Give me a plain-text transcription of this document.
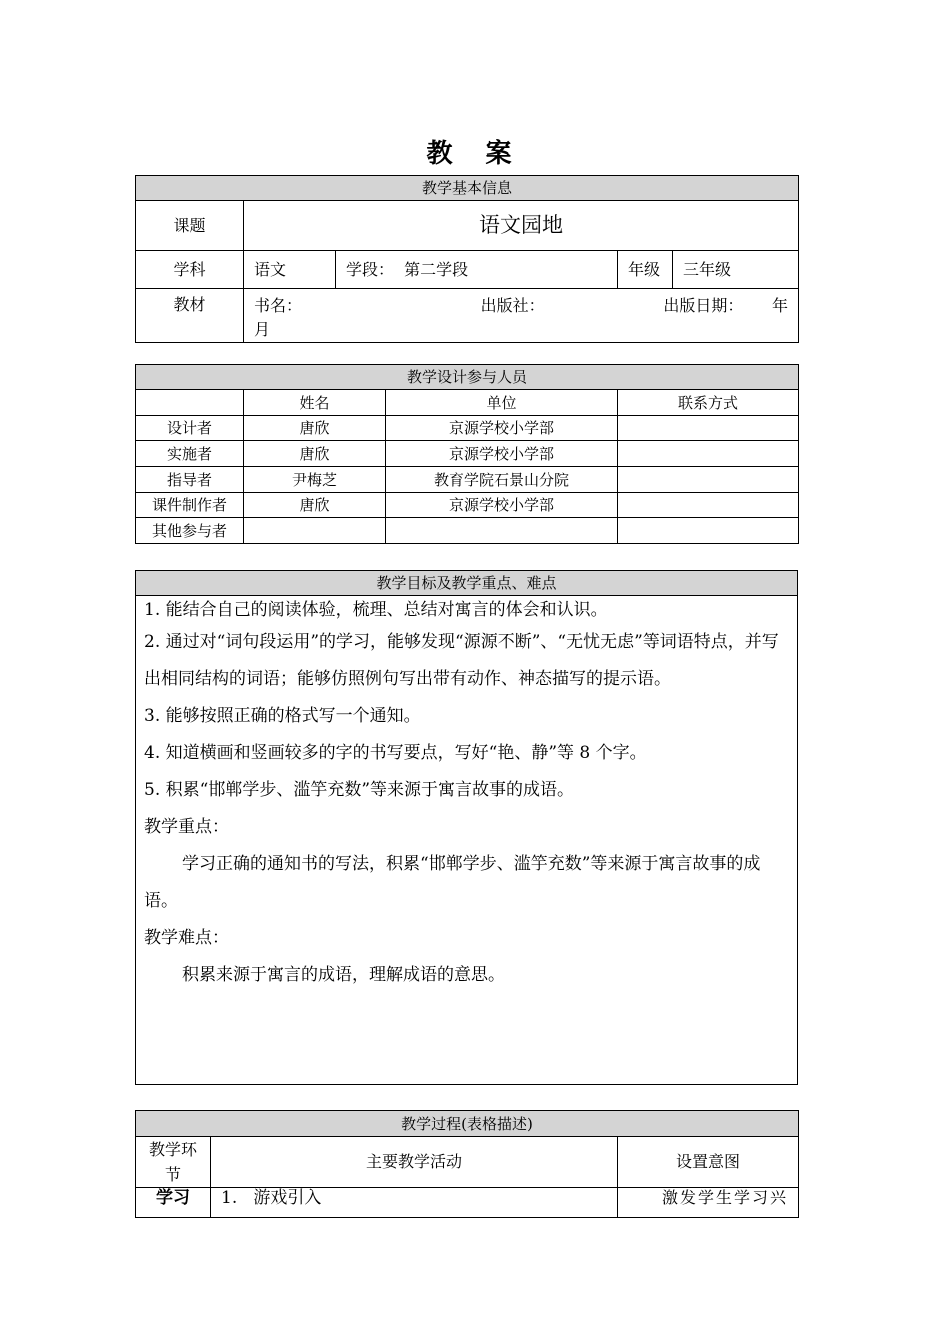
教 案
教学基本信息				
课题	语文园地			
学科	语文	学段：  第二学段	年级	三年级
教材	书名： 出版社： 出版日期： 年
月			
教学设计参与人员			
	姓名	单位	联系方式
设计者	唐欣	京源学校小学部	
实施者	唐欣	京源学校小学部	
指导者	尹梅芝	教育学院石景山分院	
课件制作者	唐欣	京源学校小学部	
其他参与者			
教学目标及教学重点、难点

1. 能结合自己的阅读体验，梳理、总结对寓言的体会和认识。

2. 通过对“词句段运用”的学习，能够发现“源源不断”、“无忧无虑”等词语特点，并写出相同结构的词语；能够仿照例句写出带有动作、神态描写的提示语。

3. 能够按照正确的格式写一个通知。

4. 知道横画和竖画较多的字的书写要点，写好“艳、静”等 8 个字。

5. 积累“邯郸学步、滥竽充数”等来源于寓言故事的成语。

教学重点：

学习正确的通知书的写法，积累“邯郸学步、滥竽充数”等来源于寓言故事的成语。

教学难点：

积累来源于寓言的成语，理解成语的意思。

教学过程(表格描述)		
教学环节	主要教学活动	设置意图
学习	1.   游戏引入	激发学生学习兴
